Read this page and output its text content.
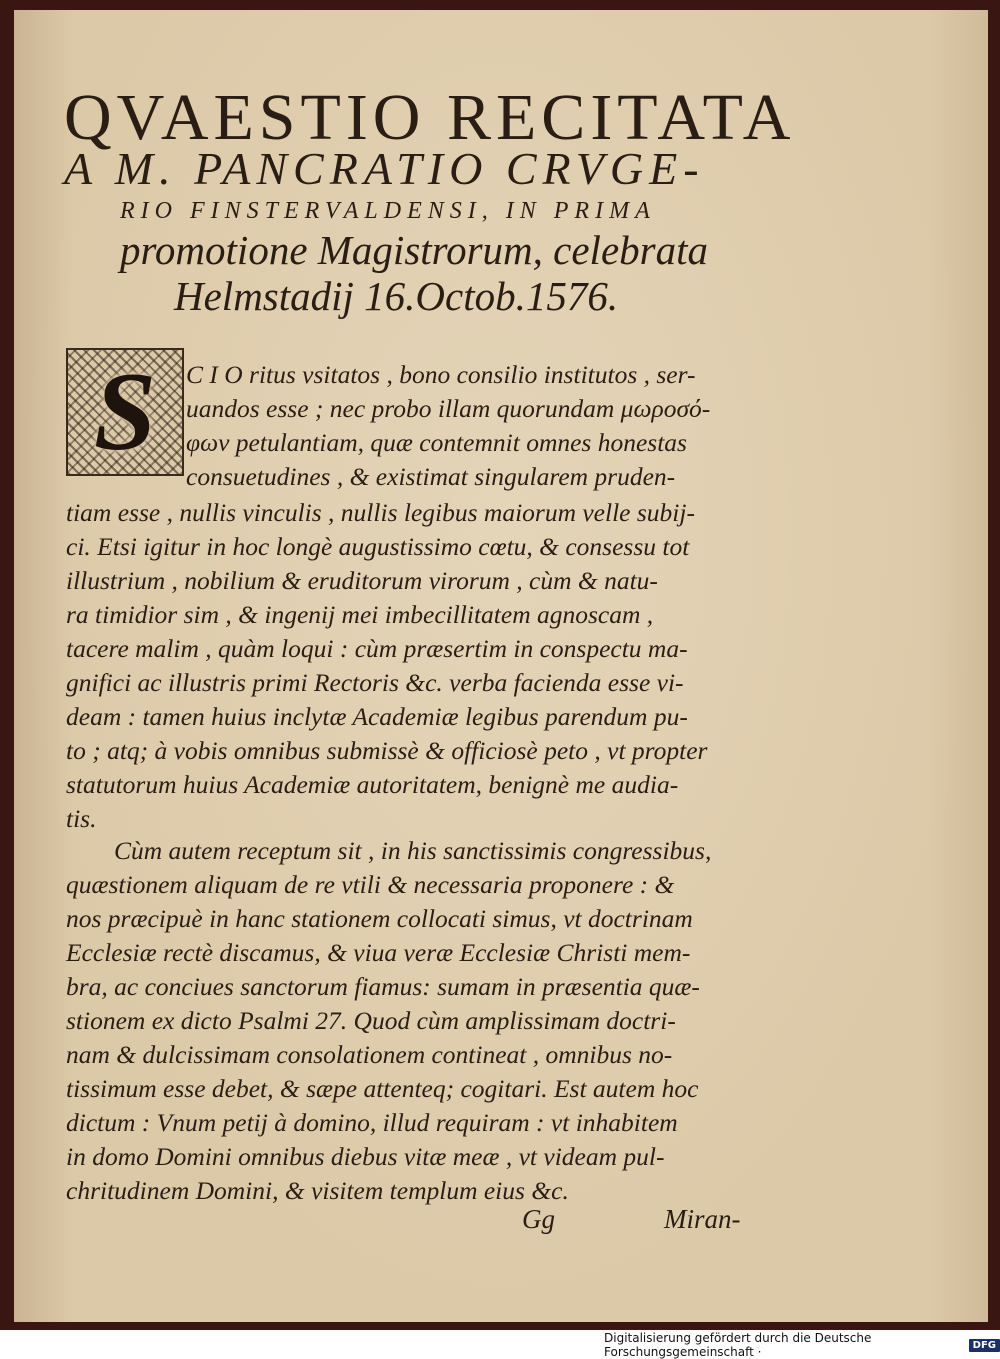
QVAESTIO RECITATA
A M. PANCRATIO CRVGE-
RIO FINSTERVALDENSI, IN PRIMA
promotione Magistrorum, celebrata
Helmstadij 16.Octob.1576.
S	C I O ritus vsitatos , bono consilio institutos , ser-
uandos esse ; nec probo illam quorundam μωροσό-
φων petulantiam, quæ contemnit omnes honestas
consuetudines , & existimat singularem pruden-
tiam esse , nullis vinculis , nullis legibus maiorum velle subij-
ci. Etsi igitur in hoc longè augustissimo cœtu, & consessu tot
illustrium , nobilium & eruditorum virorum , cùm & natu-
ra timidior sim , & ingenij mei imbecillitatem agnoscam ,
tacere malim , quàm loqui : cùm præsertim in conspectu ma-
gnifici ac illustris primi Rectoris &c. verba facienda esse vi-
deam : tamen huius inclytæ Academiæ legibus parendum pu-
to ; atq; à vobis omnibus submissè & officiosè peto , vt propter
statutorum huius Academiæ autoritatem, benignè me audia-
tis.
Cùm autem receptum sit , in his sanctissimis congressibus,
quæstionem aliquam de re vtili & necessaria proponere : &
nos præcipuè in hanc stationem collocati simus, vt doctrinam
Ecclesiæ rectè discamus, & viua veræ Ecclesiæ Christi mem-
bra, ac conciues sanctorum fiamus: sumam in præsentia quæ-
stionem ex dicto Psalmi 27. Quod cùm amplissimam doctri-
nam & dulcissimam consolationem contineat , omnibus no-
tissimum esse debet, & sæpe attenteq; cogitari. Est autem hoc
dictum : Vnum petij à domino, illud requiram : vt inhabitem
in domo Domini omnibus diebus vitæ meæ , vt videam pul-
chritudinem Domini, & visitem templum eius &c.
Gg	Miran-
Digitalisierung gefördert durch die Deutsche Forschungsgemeinschaft ·	DFG
